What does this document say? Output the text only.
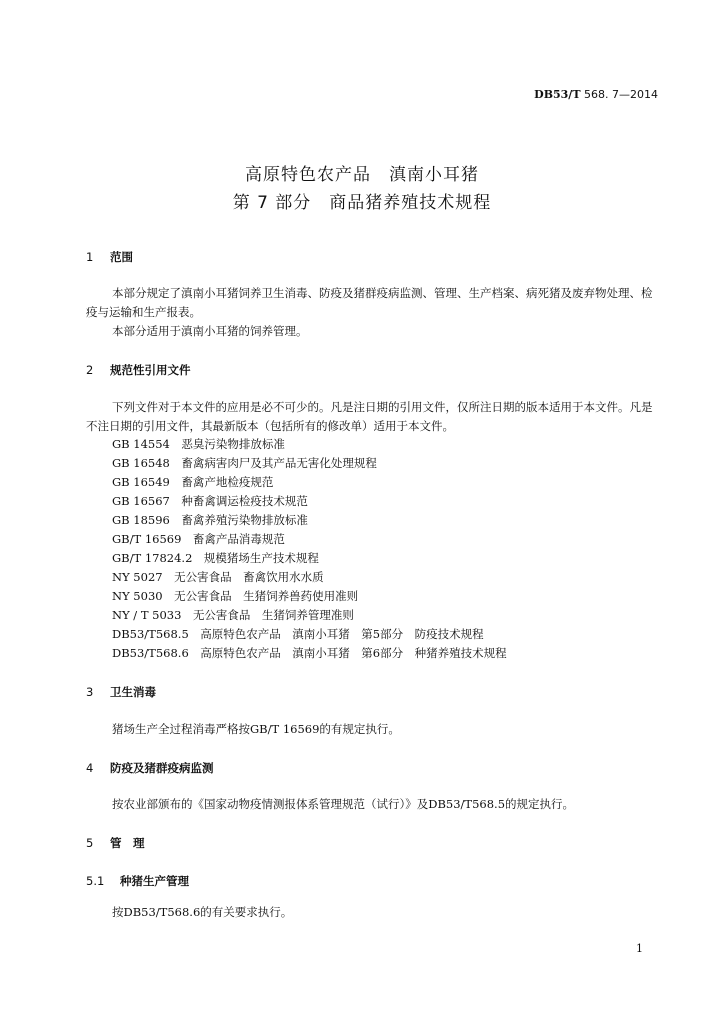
DB53/T 568. 7—2014
高原特色农产品　滇南小耳猪
第 7 部分　商品猪养殖技术规程
1 范围
本部分规定了滇南小耳猪饲养卫生消毒、防疫及猪群疫病监测、管理、生产档案、病死猪及废弃物处理、检疫与运输和生产报表。
本部分适用于滇南小耳猪的饲养管理。
2 规范性引用文件
下列文件对于本文件的应用是必不可少的。凡是注日期的引用文件，仅所注日期的版本适用于本文件。凡是不注日期的引用文件，其最新版本（包括所有的修改单）适用于本文件。
GB 14554　 恶臭污染物排放标准
GB 16548　 畜禽病害肉尸及其产品无害化处理规程
GB 16549　 畜禽产地检疫规范
GB 16567　 种畜禽调运检疫技术规范
GB 18596　 畜禽养殖污染物排放标准
GB/T 16569　 畜禽产品消毒规范
GB/T 17824.2　 规模猪场生产技术规程
NY 5027　 无公害食品　畜禽饮用水水质
NY 5030　 无公害食品　生猪饲养兽药使用准则
NY / T 5033　 无公害食品　生猪饲养管理准则
DB53/T568.5　 高原特色农产品　滇南小耳猪　第5部分　防疫技术规程
DB53/T568.6　 高原特色农产品　滇南小耳猪　第6部分　种猪养殖技术规程
3 卫生消毒
猪场生产全过程消毒严格按GB/T 16569的有规定执行。
4 防疫及猪群疫病监测
按农业部颁布的《国家动物疫情测报体系管理规范（试行）》及DB53/T568.5的规定执行。
5 管　理
5.1 种猪生产管理
按DB53/T568.6的有关要求执行。
1
